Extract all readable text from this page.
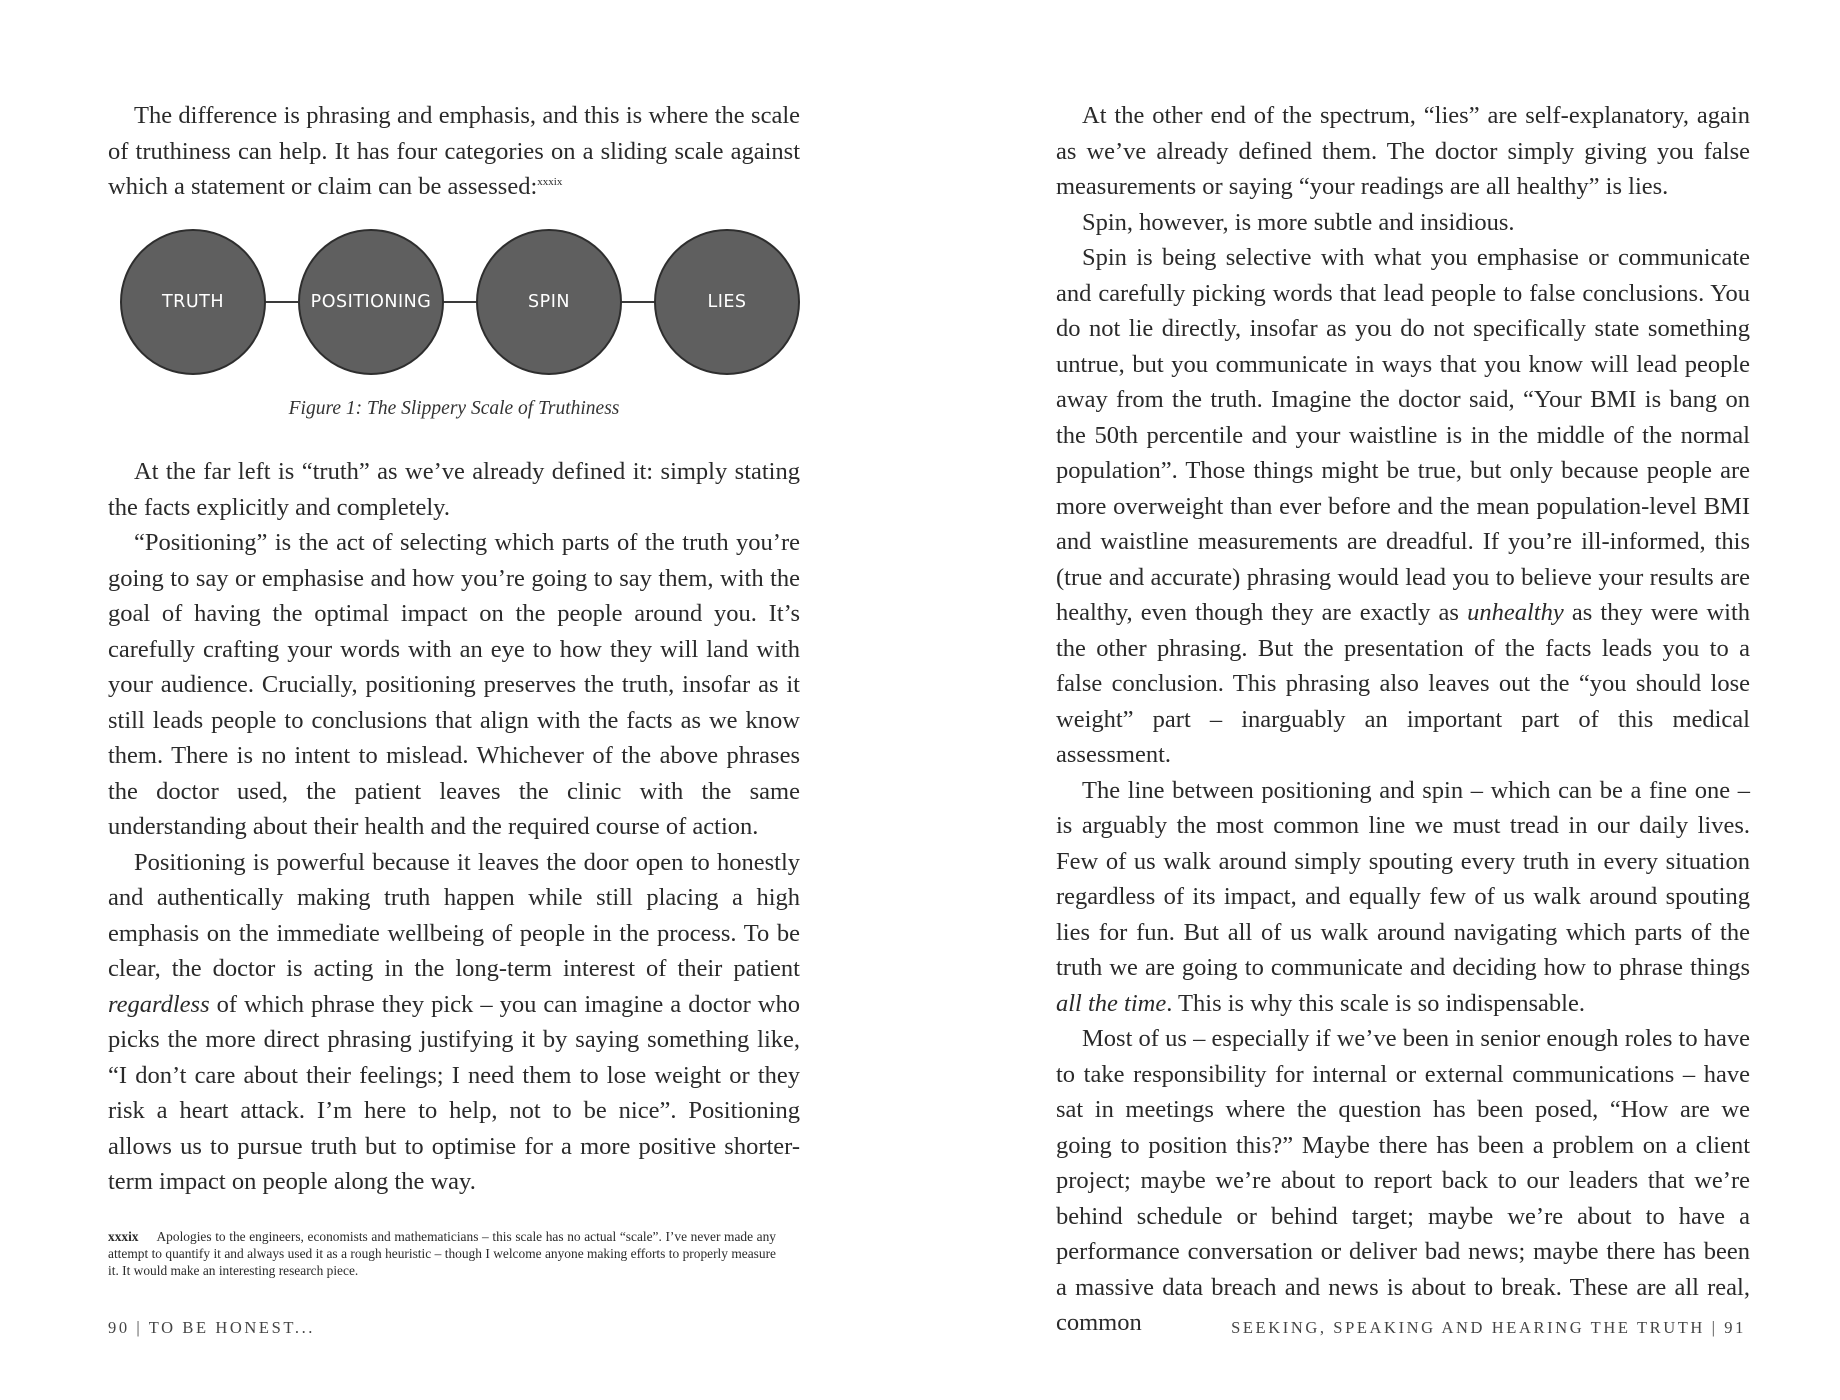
The difference is phrasing and emphasis, and this is where the scale of truthiness can help. It has four categories on a sliding scale against which a statement or claim can be assessed:$^{xxxix}$

TRUTH	POSITIONING	SPIN	LIES
Figure 1: The Slippery Scale of Truthiness

At the far left is “truth” as we’ve already defined it: simply stating the facts explicitly and completely.

“Positioning” is the act of selecting which parts of the truth you’re going to say or emphasise and how you’re going to say them, with the goal of having the optimal impact on the people around you. It’s carefully crafting your words with an eye to how they will land with your audience. Crucially, positioning preserves the truth, insofar as it still leads people to conclusions that align with the facts as we know them. There is no intent to mislead. Whichever of the above phrases the doctor used, the patient leaves the clinic with the same understanding about their health and the required course of action.

Positioning is powerful because it leaves the door open to honestly and authentically making truth happen while still placing a high emphasis on the immediate wellbeing of people in the process. To be clear, the doctor is acting in the long-term interest of their patient regardless of which phrase they pick – you can imagine a doctor who picks the more direct phrasing justifying it by saying something like, “I don’t care about their feelings; I need them to lose weight or they risk a heart attack. I’m here to help, not to be nice”. Positioning allows us to pursue truth but to optimise for a more positive shorter-term impact on people along the way.

xxxix Apologies to the engineers, economists and mathematicians – this scale has no actual “scale”. I’ve never made any attempt to quantify it and always used it as a rough heuristic – though I welcome anyone making efforts to properly measure it. It would make an interesting research piece.
90 | TO BE HONEST...

At the other end of the spectrum, “lies” are self-explanatory, again as we’ve already defined them. The doctor simply giving you false measurements or saying “your readings are all healthy” is lies.

Spin, however, is more subtle and insidious.

Spin is being selective with what you emphasise or communicate and carefully picking words that lead people to false conclusions. You do not lie directly, insofar as you do not specifically state something untrue, but you communicate in ways that you know will lead people away from the truth. Imagine the doctor said, “Your BMI is bang on the 50th percentile and your waistline is in the middle of the normal population”. Those things might be true, but only because people are more overweight than ever before and the mean population-level BMI and waistline measurements are dreadful. If you’re ill-informed, this (true and accurate) phrasing would lead you to believe your results are healthy, even though they are exactly as unhealthy as they were with the other phrasing. But the presentation of the facts leads you to a false conclusion. This phrasing also leaves out the “you should lose weight” part – inarguably an important part of this medical assessment.

The line between positioning and spin – which can be a fine one – is arguably the most common line we must tread in our daily lives. Few of us walk around simply spouting every truth in every situation regardless of its impact, and equally few of us walk around spouting lies for fun. But all of us walk around navigating which parts of the truth we are going to communicate and deciding how to phrase things all the time. This is why this scale is so indispensable.

Most of us – especially if we’ve been in senior enough roles to have to take responsibility for internal or external communications – have sat in meetings where the question has been posed, “How are we going to position this?” Maybe there has been a problem on a client project; maybe we’re about to report back to our leaders that we’re behind schedule or behind target; maybe we’re about to have a performance conversation or deliver bad news; maybe there has been a massive data breach and news is about to break. These are all real, common	SEEKING, SPEAKING AND HEARING THE TRUTH | 91
